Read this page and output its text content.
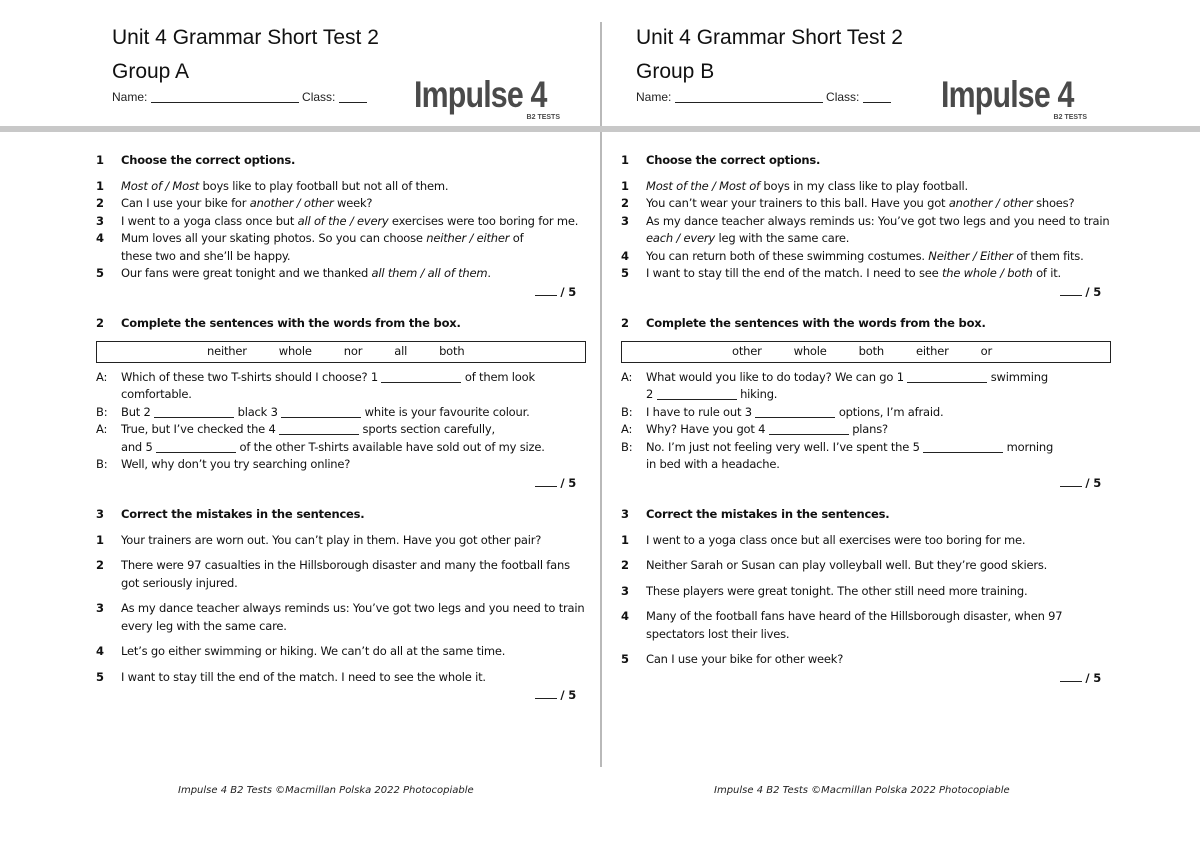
Unit 4 Grammar Short Test 2
Group A
Name:	Class:	Impulse 4
B2 TESTS
1	Choose the correct options.
1	Most of / Most boys like to play football but not all of them.
2	Can I use your bike for another / other week?
3	I went to a yoga class once but all of the / every exercises were too boring for me.
4	Mum loves all your skating photos. So you can choose neither / either of these two and she’ll be happy.
5	Our fans were great tonight and we thanked all them / all of them.
/ 5
2	Complete the sentences with the words from the box.
neither	whole	nor	all	both
A:	Which of these two T-shirts should I choose? 1	of them look
comfortable.
B:	But 2	black 3	white is your favourite colour.
A:	True, but I’ve checked the 4	sports section carefully,
and 5	of the other T-shirts available have sold out of my size.
B:	Well, why don’t you try searching online?
/ 5
3	Correct the mistakes in the sentences.
1	Your trainers are worn out. You can’t play in them. Have you got other pair?
2	There were 97 casualties in the Hillsborough disaster and many the football fans got seriously injured.
3	As my dance teacher always reminds us: You’ve got two legs and you need to train every leg with the same care.
4	Let’s go either swimming or hiking. We can’t do all at the same time.
5	I want to stay till the end of the match. I need to see the whole it.
/ 5
Impulse 4 B2 Tests ©Macmillan Polska 2022 Photocopiable
Unit 4 Grammar Short Test 2
Group B
Name:	Class:	Impulse 4
B2 TESTS
1	Choose the correct options.
1	Most of the / Most of boys in my class like to play football.
2	You can’t wear your trainers to this ball. Have you got another / other shoes?
3	As my dance teacher always reminds us: You’ve got two legs and you need to train each / every leg with the same care.
4	You can return both of these swimming costumes. Neither / Either of them fits.
5	I want to stay till the end of the match. I need to see the whole / both of it.
/ 5
2	Complete the sentences with the words from the box.
other	whole	both	either	or
A:	What would you like to do today? We can go 1	swimming
2	hiking.
B:	I have to rule out 3	options, I’m afraid.
A:	Why? Have you got 4	plans?
B:	No. I’m just not feeling very well. I’ve spent the 5	morning
in bed with a headache.
/ 5
3	Correct the mistakes in the sentences.
1	I went to a yoga class once but all exercises were too boring for me.
2	Neither Sarah or Susan can play volleyball well. But they’re good skiers.
3	These players were great tonight. The other still need more training.
4	Many of the football fans have heard of the Hillsborough disaster, when 97 spectators lost their lives.
5	Can I use your bike for other week?
/ 5
Impulse 4 B2 Tests ©Macmillan Polska 2022 Photocopiable
